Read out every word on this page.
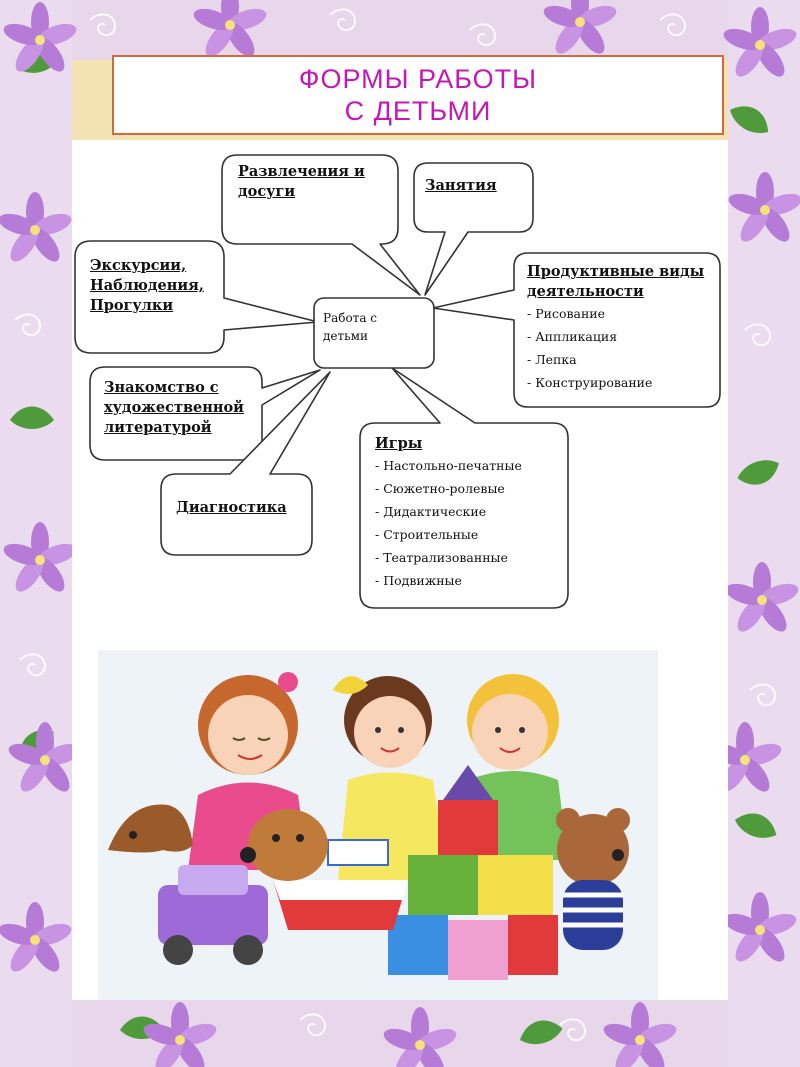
ФОРМЫ РАБОТЫ
С ДЕТЬМИ
Работа с
детьми
Развлечения и
досуги	Занятия
Экскурсии,
Наблюдения,
Прогулки
Знакомство с
художественной
литературой
Диагностика
Продуктивные виды
деятельности
- Рисование
- Аппликация
- Лепка
- Конструирование
Игры
- Настольно-печатные
- Сюжетно-ролевые
- Дидактические
- Строительные
- Театрализованные
- Подвижные
